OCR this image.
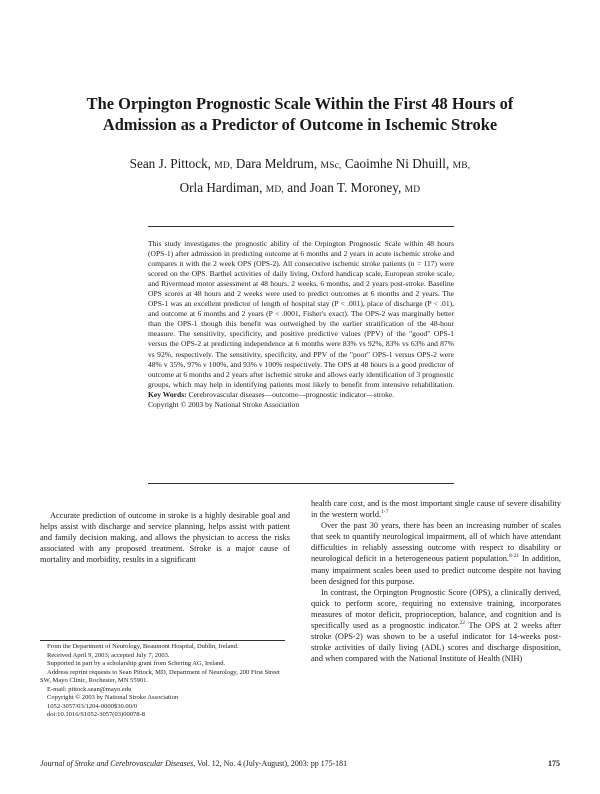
The Orpington Prognostic Scale Within the First 48 Hours of
Admission as a Predictor of Outcome in Ischemic Stroke
Sean J. Pittock, MD, Dara Meldrum, MSc, Caoimhe Ni Dhuill, MB,
Orla Hardiman, MD, and Joan T. Moroney, MD

This study investigates the prognostic ability of the Orpington Prognostic Scale within 48 hours (OPS-1) after admission in predicting outcome at 6 months and 2 years in acute ischemic stroke and compares it with the 2 week OPS (OPS-2). All consecutive ischemic stroke patients (n = 117) were scored on the OPS. Barthel activities of daily living, Oxford handicap scale, European stroke scale, and Rivermead motor assessment at 48 hours, 2 weeks, 6 months, and 2 years post-stroke. Baseline OPS scores at 48 hours and 2 weeks were used to predict outcomes at 6 months and 2 years. The OPS-1 was an excellent predictor of length of hospital stay (P < .001), place of discharge (P < .01), and outcome at 6 months and 2 years (P < .0001, Fisher's exact). The OPS-2 was marginally better than the OPS-1 though this benefit was outweighed by the earlier stratification of the 48-hour measure. The sensitivity, specificity, and positive predictive values (PPV) of the "good" OPS-1 versus the OPS-2 at predicting independence at 6 months were 83% vs 92%, 83% vs 63% and 87% vs 92%, respectively. The sensitivity, specificity, and PPV of the "poor" OPS-1 versus OPS-2 were 48% v 35%, 97% v 100%, and 93% v 100% respectively. The OPS at 48 hours is a good predictor of outcome at 6 months and 2 years after ischemic stroke and allows early identification of 3 prognostic groups, which may help in identifying patients most likely to benefit from intensive rehabilitation. Key Words: Cerebrovascular diseases—outcome—prognostic indicator—stroke.

Copyright © 2003 by National Stroke Association

Accurate prediction of outcome in stroke is a highly desirable goal and helps assist with discharge and service planning, helps assist with patient and family decision making, and allows the physician to access the risks associated with any proposed treatment. Stroke is a major cause of mortality and morbidity, results in a significant

health care cost, and is the most important single cause of severe disability in the western world.$^{1-7}$

Over the past 30 years, there has been an increasing number of scales that seek to quantify neurological impairment, all of which have attendant difficulties in reliably assessing outcome with respect to disability or neurological deficit in a heterogeneous patient population.$^{8-21}$ In addition, many impairment scales been used to predict outcome despite not having been designed for this purpose.

In contrast, the Orpington Prognostic Score (OPS), a clinically derived, quick to perform score, requiring no extensive training, incorporates measures of motor deficit, proprioception, balance, and cognition and is specifically used as a prognostic indicator.$^{22}$ The OPS at 2 weeks after stroke (OPS-2) was shown to be a useful indicator for 14-weeks post-stroke activities of daily living (ADL) scores and discharge disposition, and when compared with the National Institute of Health (NIH)

From the Department of Neurology, Beaumont Hospital, Dublin, Ireland.

Received April 9, 2003; accepted July 7, 2003.

Supported in part by a scholarship grant from Schering AG, Ireland.

Address reprint requests to Sean Pittock, MD, Department of Neurology, 200 First Street SW, Mayo Clinic, Rochester, MN 55901.

E-mail: pittock.sean@mayo.edu

Copyright © 2003 by National Stroke Association

1052-3057/03/1204-0000$30.00/0

doi:10.1016/S1052-3057(03)00078-8

Journal of Stroke and Cerebrovascular Diseases, Vol. 12, No. 4 (July-August), 2003: pp 175-181	175
